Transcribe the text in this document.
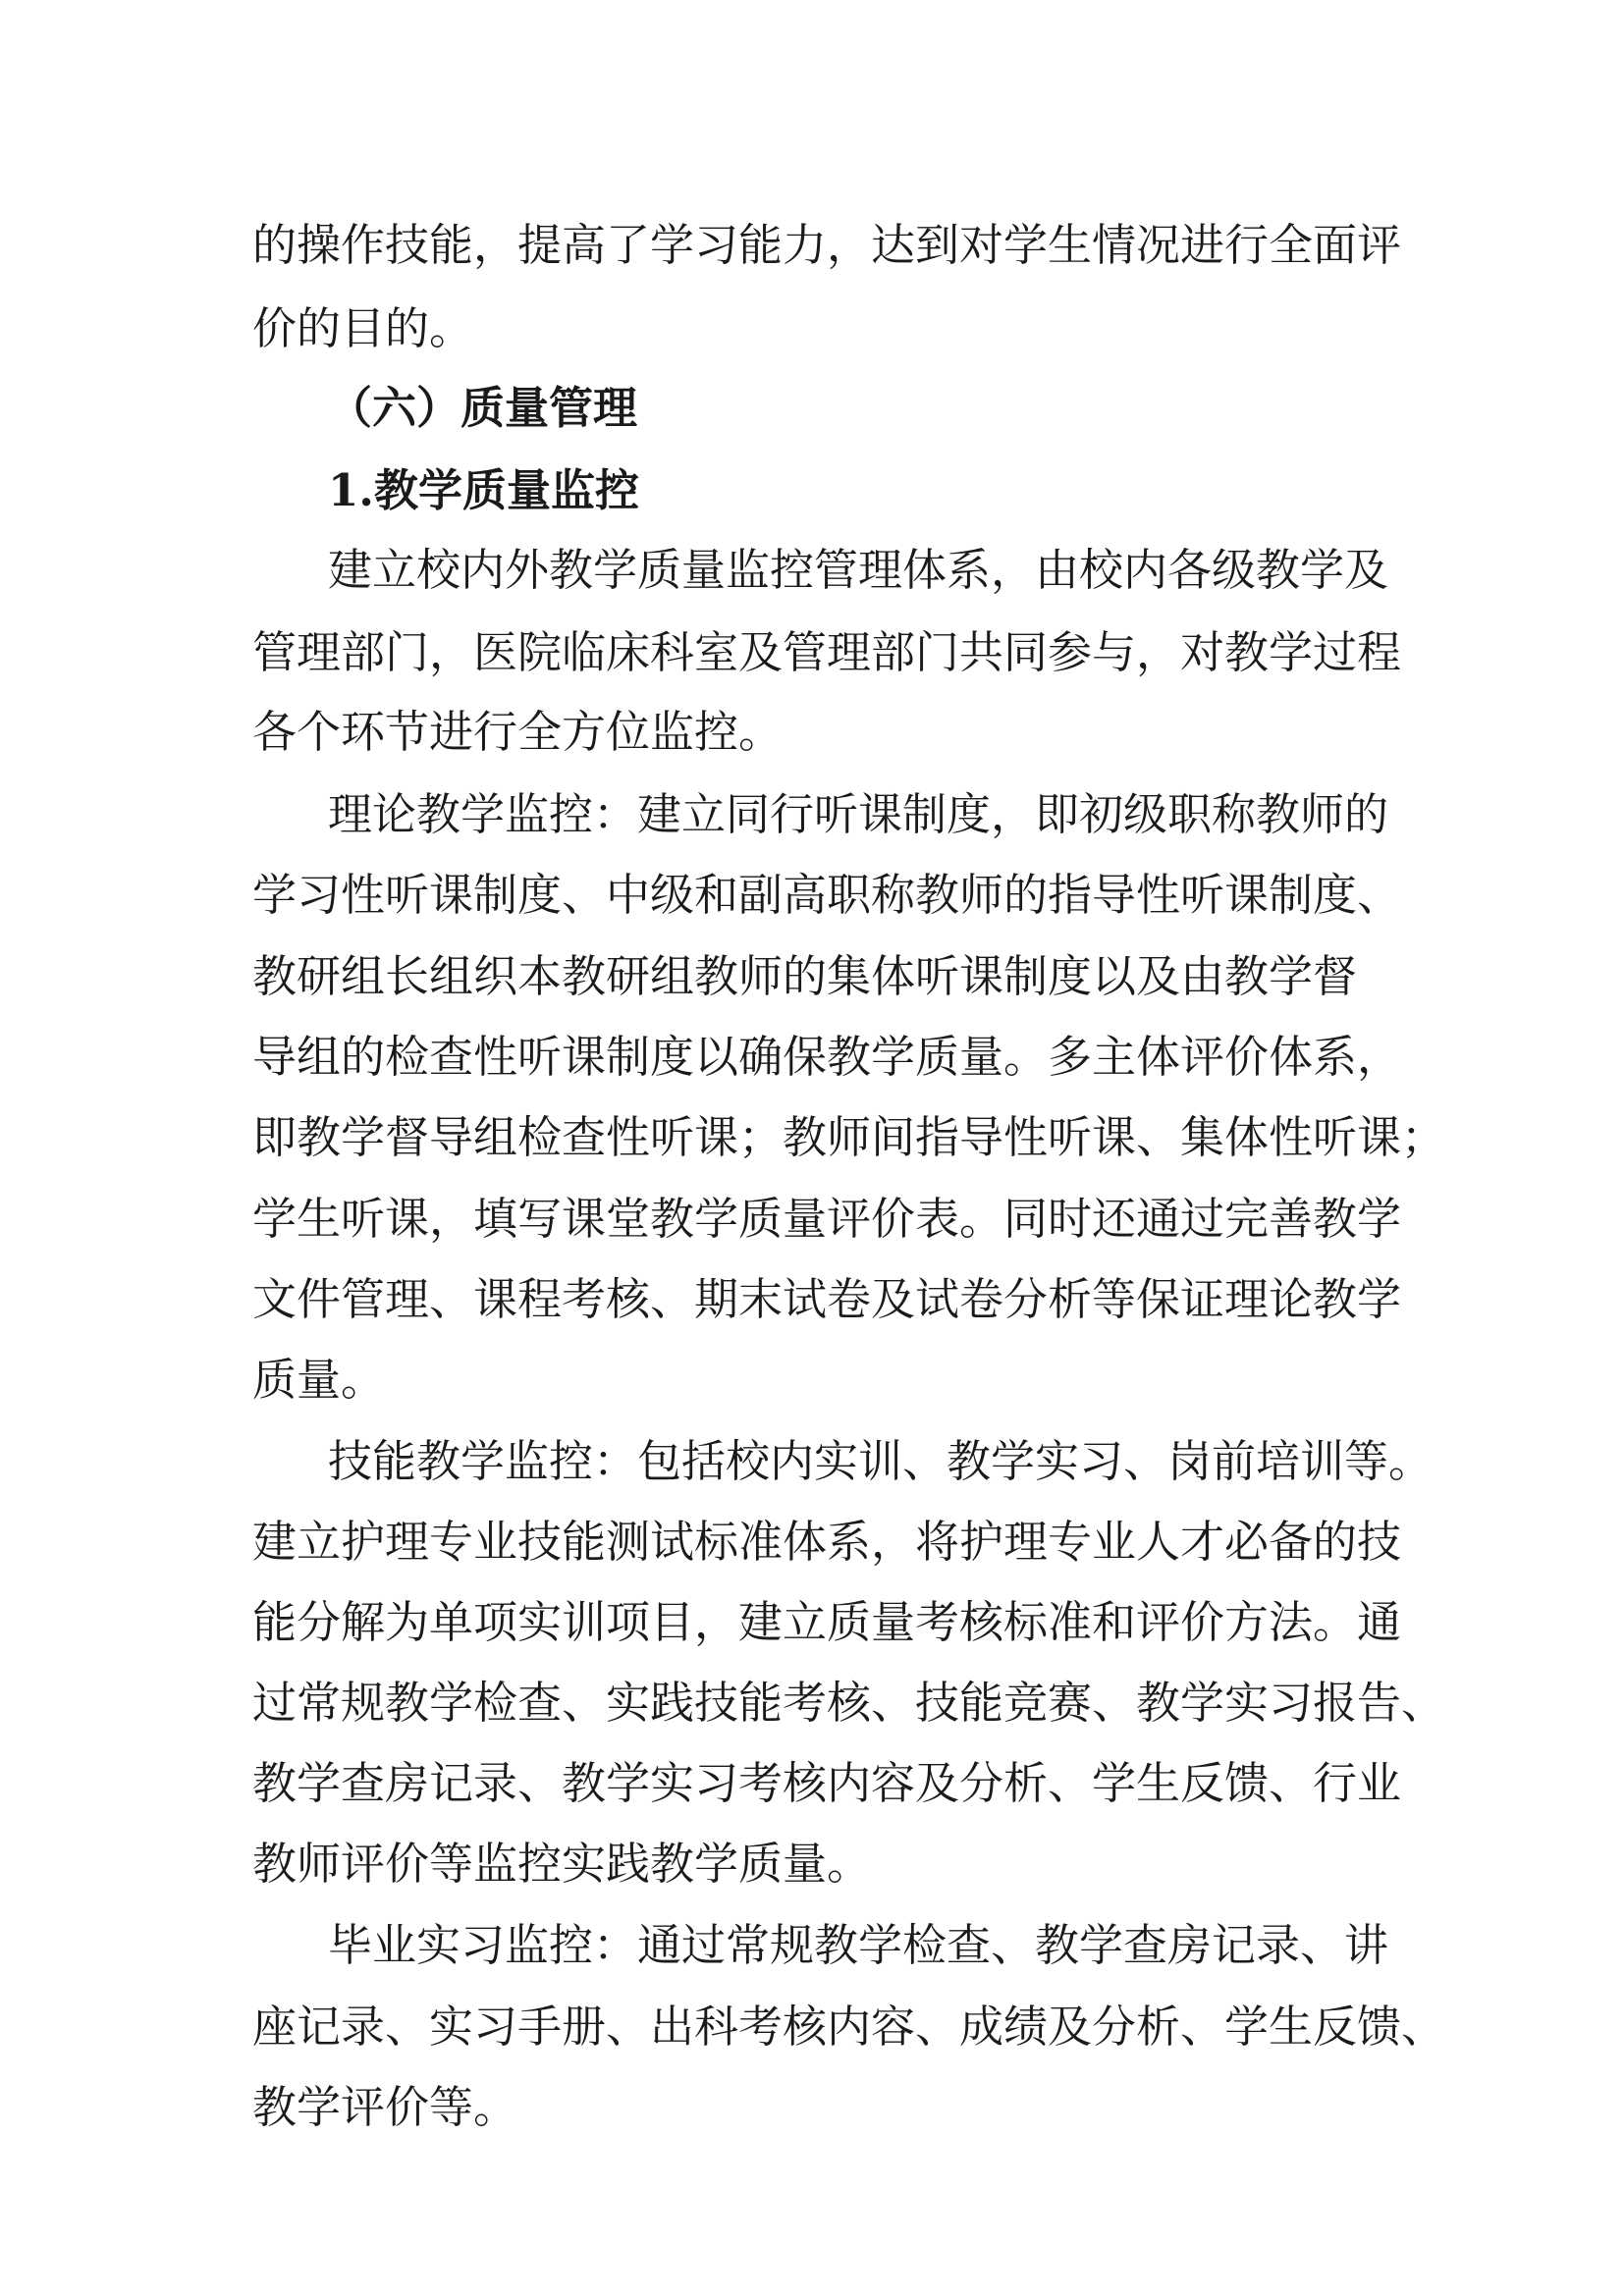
的操作技能，提高了学习能力，达到对学生情况进行全面评
价的目的。
（六）质量管理
1.教学质量监控
建立校内外教学质量监控管理体系，由校内各级教学及
管理部门，医院临床科室及管理部门共同参与，对教学过程
各个环节进行全方位监控。
理论教学监控：建立同行听课制度，即初级职称教师的
学习性听课制度、中级和副高职称教师的指导性听课制度、
教研组长组织本教研组教师的集体听课制度以及由教学督
导组的检查性听课制度以确保教学质量。多主体评价体系，
即教学督导组检查性听课；教师间指导性听课、集体性听课；
学生听课，填写课堂教学质量评价表。同时还通过完善教学
文件管理、课程考核、期末试卷及试卷分析等保证理论教学
质量。
技能教学监控：包括校内实训、教学实习、岗前培训等。
建立护理专业技能测试标准体系，将护理专业人才必备的技
能分解为单项实训项目，建立质量考核标准和评价方法。通
过常规教学检查、实践技能考核、技能竞赛、教学实习报告、
教学查房记录、教学实习考核内容及分析、学生反馈、行业
教师评价等监控实践教学质量。
毕业实习监控：通过常规教学检查、教学查房记录、讲
座记录、实习手册、出科考核内容、成绩及分析、学生反馈、
教学评价等。
